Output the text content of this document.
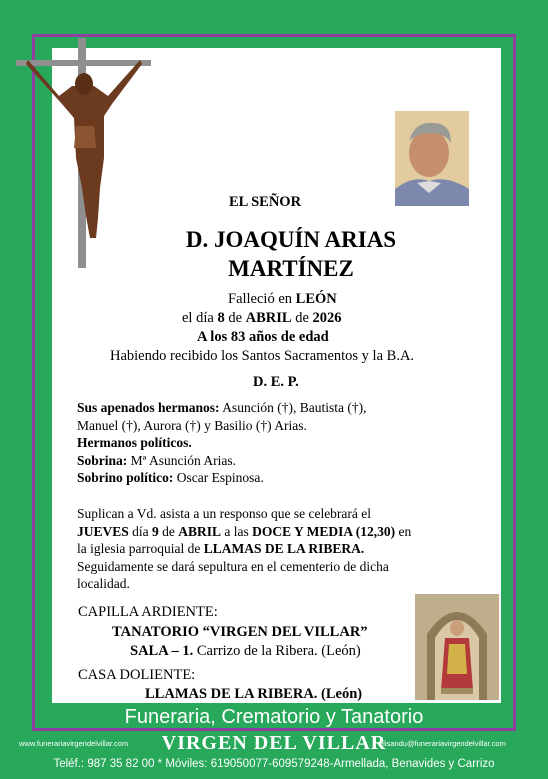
EL SEÑOR
D. JOAQUÍN ARIAS
MARTÍNEZ
Falleció en LEÓN
el día 8 de ABRIL de 2026
A los 83 años de edad
Habiendo recibido los Santos Sacramentos y la B.A.
D. E. P.
Sus apenados hermanos: Asunción (†), Bautista (†),
Manuel (†), Aurora (†) y Basilio (†) Arias.
Hermanos políticos.
Sobrina: Mª Asunción Arias.
Sobrino político: Oscar Espinosa.
Suplican a Vd. asista a un responso que se celebrará el
JUEVES día 9 de ABRIL a las DOCE Y MEDIA (12,30) en
la iglesia parroquial de LLAMAS DE LA RIBERA.
Seguidamente se dará sepultura en el cementerio de dicha
localidad.
CAPILLA ARDIENTE:
TANATORIO “VIRGEN DEL VILLAR”
SALA – 1. Carrizo de la Ribera. (León)
CASA DOLIENTE:
LLAMAS DE LA RIBERA. (León)
Funeraria, Crematorio y Tanatorio
www.funerariavirgendelvillar.com	VIRGEN DEL VILLAR
elisandu@funerariavirgendelvillar.com
Teléf.: 987 35 82 00 * Móviles: 619050077-609579248-Armellada, Benavides y Carrizo
